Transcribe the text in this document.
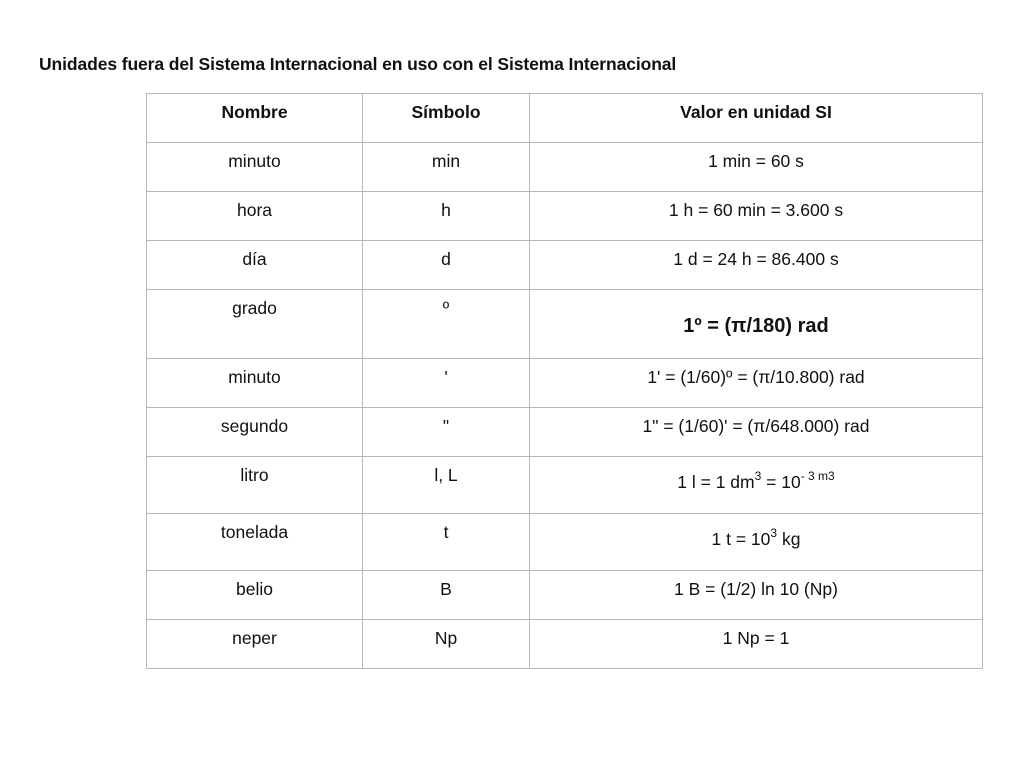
Unidades fuera del Sistema Internacional en uso con el Sistema Internacional
Nombre	Símbolo	Valor en unidad SI

minuto	min	1 min = 60 s

hora	h	1 h = 60 min = 3.600 s

día	d	1 d = 24 h = 86.400 s

grado	º	1º = (π/180) rad

minuto	'	1' = (1/60)º = (π/10.800) rad

segundo	"	1" = (1/60)' = (π/648.000) rad

litro	l, L	1 l = 1 $dm^3 = 10^{- 3 m3}$

tonelada	t	1 $t = 10^3$ kg

belio	B	1 B = (1/2) ln 10 (Np)

neper	Np	1 Np = 1
